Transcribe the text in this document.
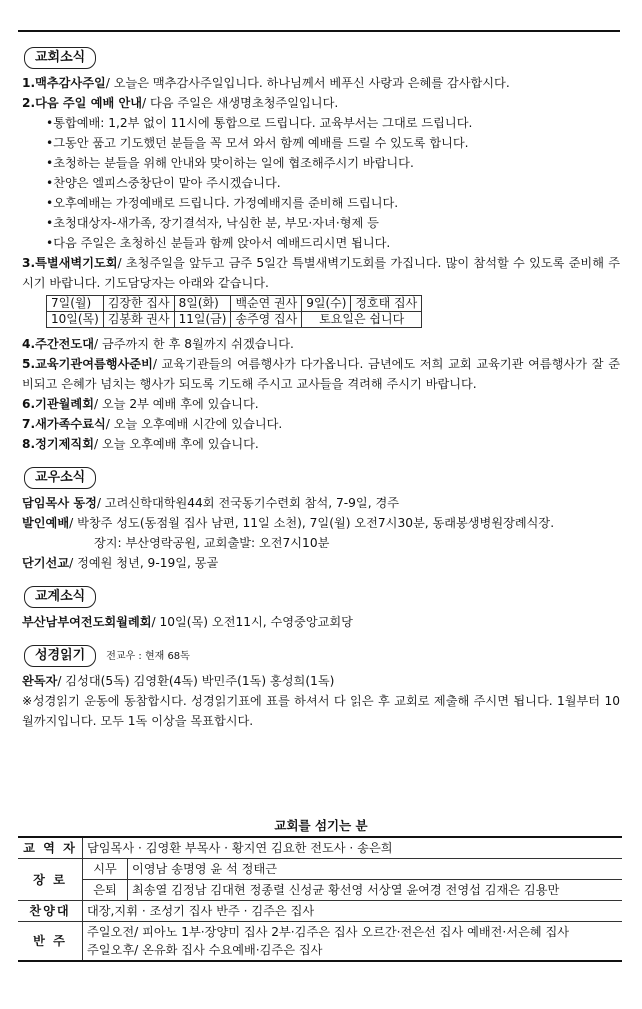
교회소식
1.맥추감사주일/ 오늘은 맥추감사주일입니다. 하나님께서 베푸신 사랑과 은혜를 감사합시다.
2.다음 주일 예배 안내/ 다음 주일은 새생명초청주일입니다.
•통합예배: 1,2부 없이 11시에 통합으로 드립니다. 교육부서는 그대로 드립니다.
•그동안 품고 기도했던 분들을 꼭 모셔 와서 함께 예배를 드릴 수 있도록 합니다.
•초청하는 분들을 위해 안내와 맞이하는 일에 협조해주시기 바랍니다.
•찬양은 엘피스중창단이 맡아 주시겠습니다.
•오후예배는 가정예배로 드립니다. 가정예배지를 준비해 드립니다.
•초청대상자-새가족, 장기결석자, 낙심한 분, 부모·자녀·형제 등
•다음 주일은 초청하신 분들과 함께 앉아서 예배드리시면 됩니다.
3.특별새벽기도회/ 초청주일을 앞두고 금주 5일간 특별새벽기도회를 가집니다. 많이 참석할 수 있도록 준비해 주시기 바랍니다. 기도담당자는 아래와 같습니다.
7일(월)	김장한 집사	8일(화)	백순연 권사	9일(수)	정호태 집사
10일(목)	김봉화 권사	11일(금)	송주영 집사	토요일은 쉽니다	
4.주간전도대/ 금주까지 한 후 8월까지 쉬겠습니다.
5.교육기관여름행사준비/ 교육기관들의 여름행사가 다가옵니다. 금년에도 저희 교회 교육기관 여름행사가 잘 준비되고 은혜가 넘치는 행사가 되도록 기도해 주시고 교사들을 격려해 주시기 바랍니다.
6.기관월례회/ 오늘 2부 예배 후에 있습니다.
7.새가족수료식/ 오늘 오후예배 시간에 있습니다.
8.정기제직회/ 오늘 오후예배 후에 있습니다.
교우소식
담임목사 동정/ 고려신학대학원44회 전국동기수련회 참석, 7-9일, 경주
발인예배/ 박창주 성도(동점월 집사 남편, 11일 소천), 7일(월) 오전7시30분, 동래봉생병원장례식장.
장지: 부산영락공원, 교회출발: 오전7시10분
단기선교/ 정예원 청년, 9-19일, 몽골
교계소식
부산남부여전도회월례회/ 10일(목) 오전11시, 수영중앙교회당
성경읽기 전교우 : 현재 68독
완독자/ 김성대(5독) 김영환(4독) 박민주(1독) 홍성희(1독)
※성경읽기 운동에 동참합시다. 성경읽기표에 표를 하셔서 다 읽은 후 교회로 제출해 주시면 됩니다. 1월부터 10월까지입니다. 모두 1독 이상을 목표합시다.
교회를 섬기는 분
교 역 자	담임목사 · 김영환 부목사 · 황지연 김요한 전도사 · 송은희	
장 로	시무	이영남 송명영 윤 석 정태근
	은퇴	최송열 김정남 김대현 정종렬 신성균 황선영 서상열 윤여경 전영섭 김재은 김용만
찬양대	대장,지휘 · 조성기 집사 반주 · 김주은 집사	
반 주	주일오전/ 피아노 1부·장양미 집사 2부·김주은 집사 오르간·전은선 집사 예배전·서은혜 집사
주일오후/ 온유화 집사 수요예배·김주은 집사	
